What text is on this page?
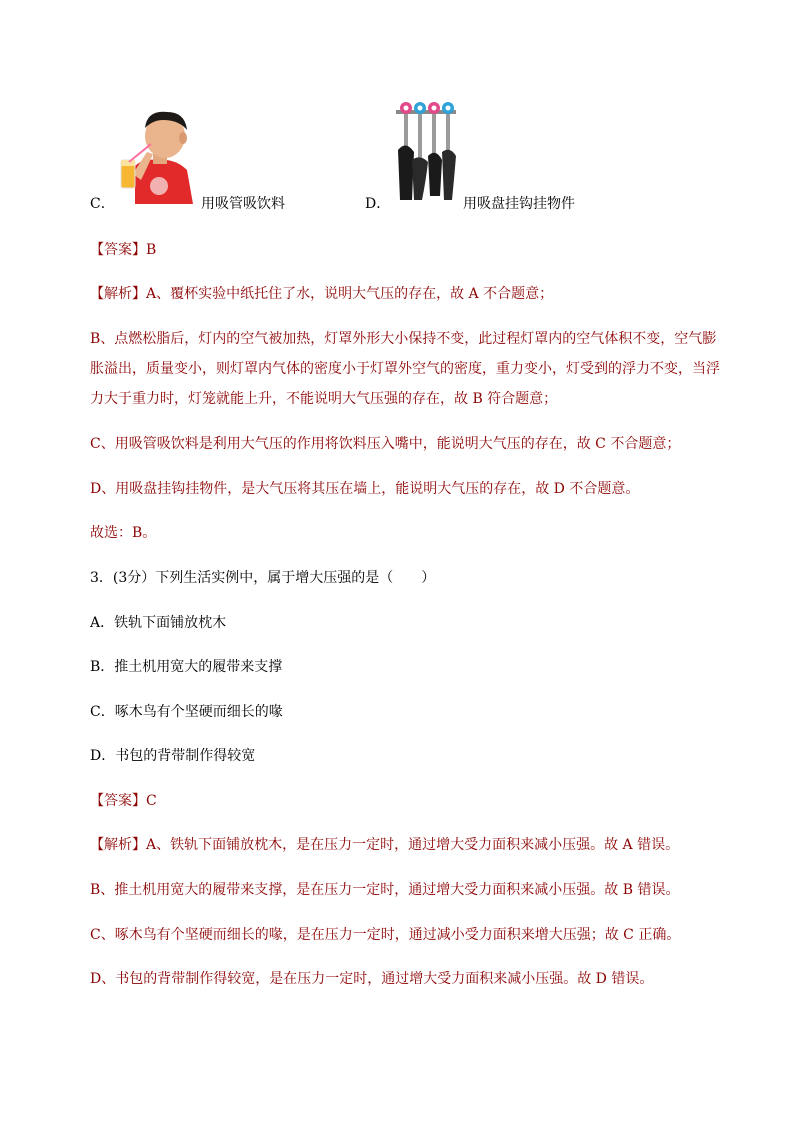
C．	用吸管吸饮料	D．	用吸盘挂钩挂物件
【答案】B
【解析】A、覆杯实验中纸托住了水，说明大气压的存在，故 A 不合题意；
B、点燃松脂后，灯内的空气被加热，灯罩外形大小保持不变，此过程灯罩内的空气体积不变，空气膨
胀溢出，质量变小，则灯罩内气体的密度小于灯罩外空气的密度，重力变小，灯受到的浮力不变，当浮
力大于重力时，灯笼就能上升，不能说明大气压强的存在，故 B 符合题意；
C、用吸管吸饮料是利用大气压的作用将饮料压入嘴中，能说明大气压的存在，故 C 不合题意；
D、用吸盘挂钩挂物件，是大气压将其压在墙上，能说明大气压的存在，故 D 不合题意。
故选：B。
3．(3分）下列生活实例中，属于增大压强的是（　　）
A．铁轨下面铺放枕木
B．推土机用宽大的履带来支撑
C．啄木鸟有个坚硬而细长的喙
D．书包的背带制作得较宽
【答案】C
【解析】A、铁轨下面铺放枕木，是在压力一定时，通过增大受力面积来减小压强。故 A 错误。
B、推土机用宽大的履带来支撑，是在压力一定时，通过增大受力面积来减小压强。故 B 错误。
C、啄木鸟有个坚硬而细长的喙，是在压力一定时，通过减小受力面积来增大压强；故 C 正确。
D、书包的背带制作得较宽，是在压力一定时，通过增大受力面积来减小压强。故 D 错误。
